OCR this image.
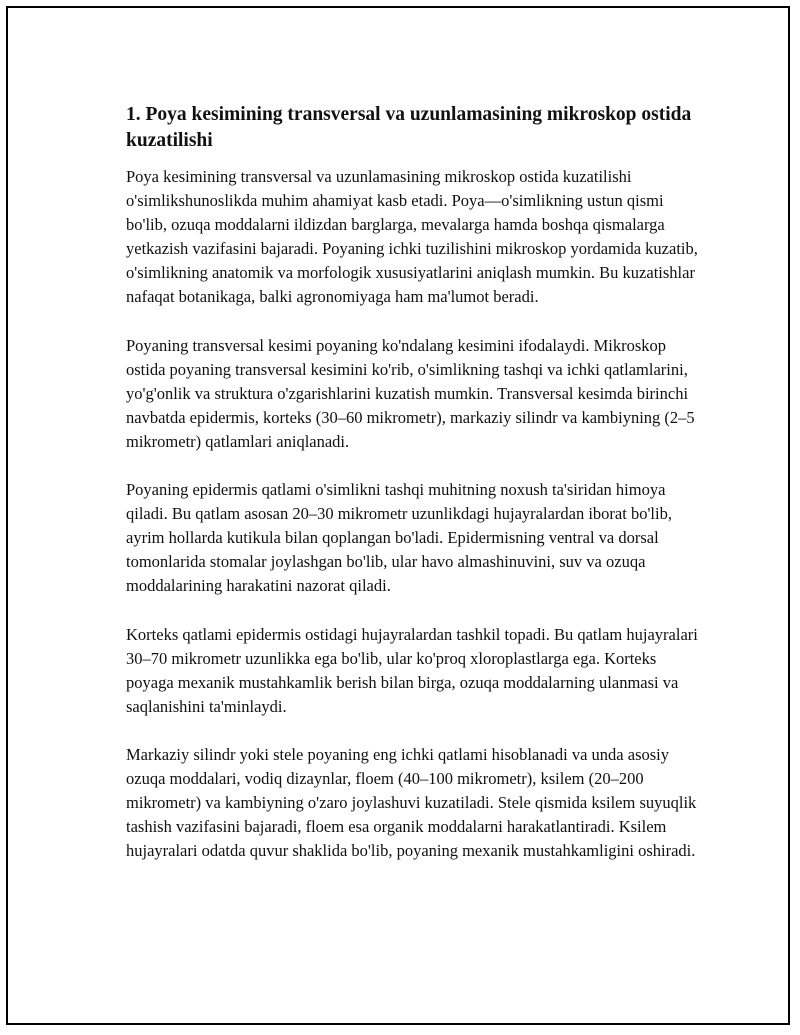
1. Poya kesimining transversal va uzunlamasining mikroskop ostida kuzatilishi

Poya kesimining transversal va uzunlamasining mikroskop ostida kuzatilishi o'simlikshunoslikda muhim ahamiyat kasb etadi. Poya—o'simlikning ustun qismi bo'lib, ozuqa moddalarni ildizdan barglarga, mevalarga hamda boshqa qismalarga yetkazish vazifasini bajaradi. Poyaning ichki tuzilishini mikroskop yordamida kuzatib, o'simlikning anatomik va morfologik xususiyatlarini aniqlash mumkin. Bu kuzatishlar nafaqat botanikaga, balki agronomiyaga ham ma'lumot beradi.

Poyaning transversal kesimi poyaning ko'ndalang kesimini ifodalaydi. Mikroskop ostida poyaning transversal kesimini ko'rib, o'simlikning tashqi va ichki qatlamlarini, yo'g'onlik va struktura o'zgarishlarini kuzatish mumkin. Transversal kesimda birinchi navbatda epidermis, korteks (30–60 mikrometr), markaziy silindr va kambiyning (2–5 mikrometr) qatlamlari aniqlanadi.

Poyaning epidermis qatlami o'simlikni tashqi muhitning noxush ta'siridan himoya qiladi. Bu qatlam asosan 20–30 mikrometr uzunlikdagi hujayralardan iborat bo'lib, ayrim hollarda kutikula bilan qoplangan bo'ladi. Epidermisning ventral va dorsal tomonlarida stomalar joylashgan bo'lib, ular havo almashinuvini, suv va ozuqa moddalarining harakatini nazorat qiladi.

Korteks qatlami epidermis ostidagi hujayralardan tashkil topadi. Bu qatlam hujayralari 30–70 mikrometr uzunlikka ega bo'lib, ular ko'proq xloroplastlarga ega. Korteks poyaga mexanik mustahkamlik berish bilan birga, ozuqa moddalarning ulanmasi va saqlanishini ta'minlaydi.

Markaziy silindr yoki stele poyaning eng ichki qatlami hisoblanadi va unda asosiy ozuqa moddalari, vodiq dizaynlar, floem (40–100 mikrometr), ksilem (20–200 mikrometr) va kambiyning o'zaro joylashuvi kuzatiladi. Stele qismida ksilem suyuqlik tashish vazifasini bajaradi, floem esa organik moddalarni harakatlantiradi. Ksilem hujayralari odatda quvur shaklida bo'lib, poyaning mexanik mustahkamligini oshiradi.
